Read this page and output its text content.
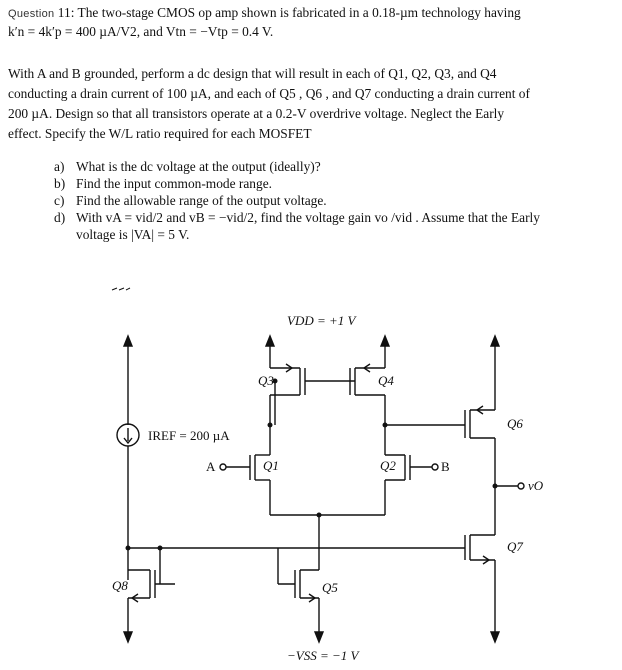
Question 11: The two-stage CMOS op amp shown is fabricated in a 0.18-µm technology having
k′n = 4k′p = 400 µA/V2, and Vtn = −Vtp = 0.4 V.
With A and B grounded, perform a dc design that will result in each of Q1, Q2, Q3, and Q4
conducting a drain current of 100 µA, and each of Q5 , Q6 , and Q7 conducting a drain current of
200 µA. Design so that all transistors operate at a 0.2-V overdrive voltage. Neglect the Early
effect. Specify the W/L ratio required for each MOSFET
a) What is the dc voltage at the output (ideally)?
b) Find the input common-mode range.
c) Find the allowable range of the output voltage.
d) With vA = vid/2 and vB = −vid/2, find the voltage gain vo /vid . Assume that the Early
voltage is |VA| = 5 V.
VDD = +1 V
−VSS = −1 V
IREF = 200 µA
Q3	Q4
A	Q1	B
Q2
Q6
vO
Q7
Q8	Q5
